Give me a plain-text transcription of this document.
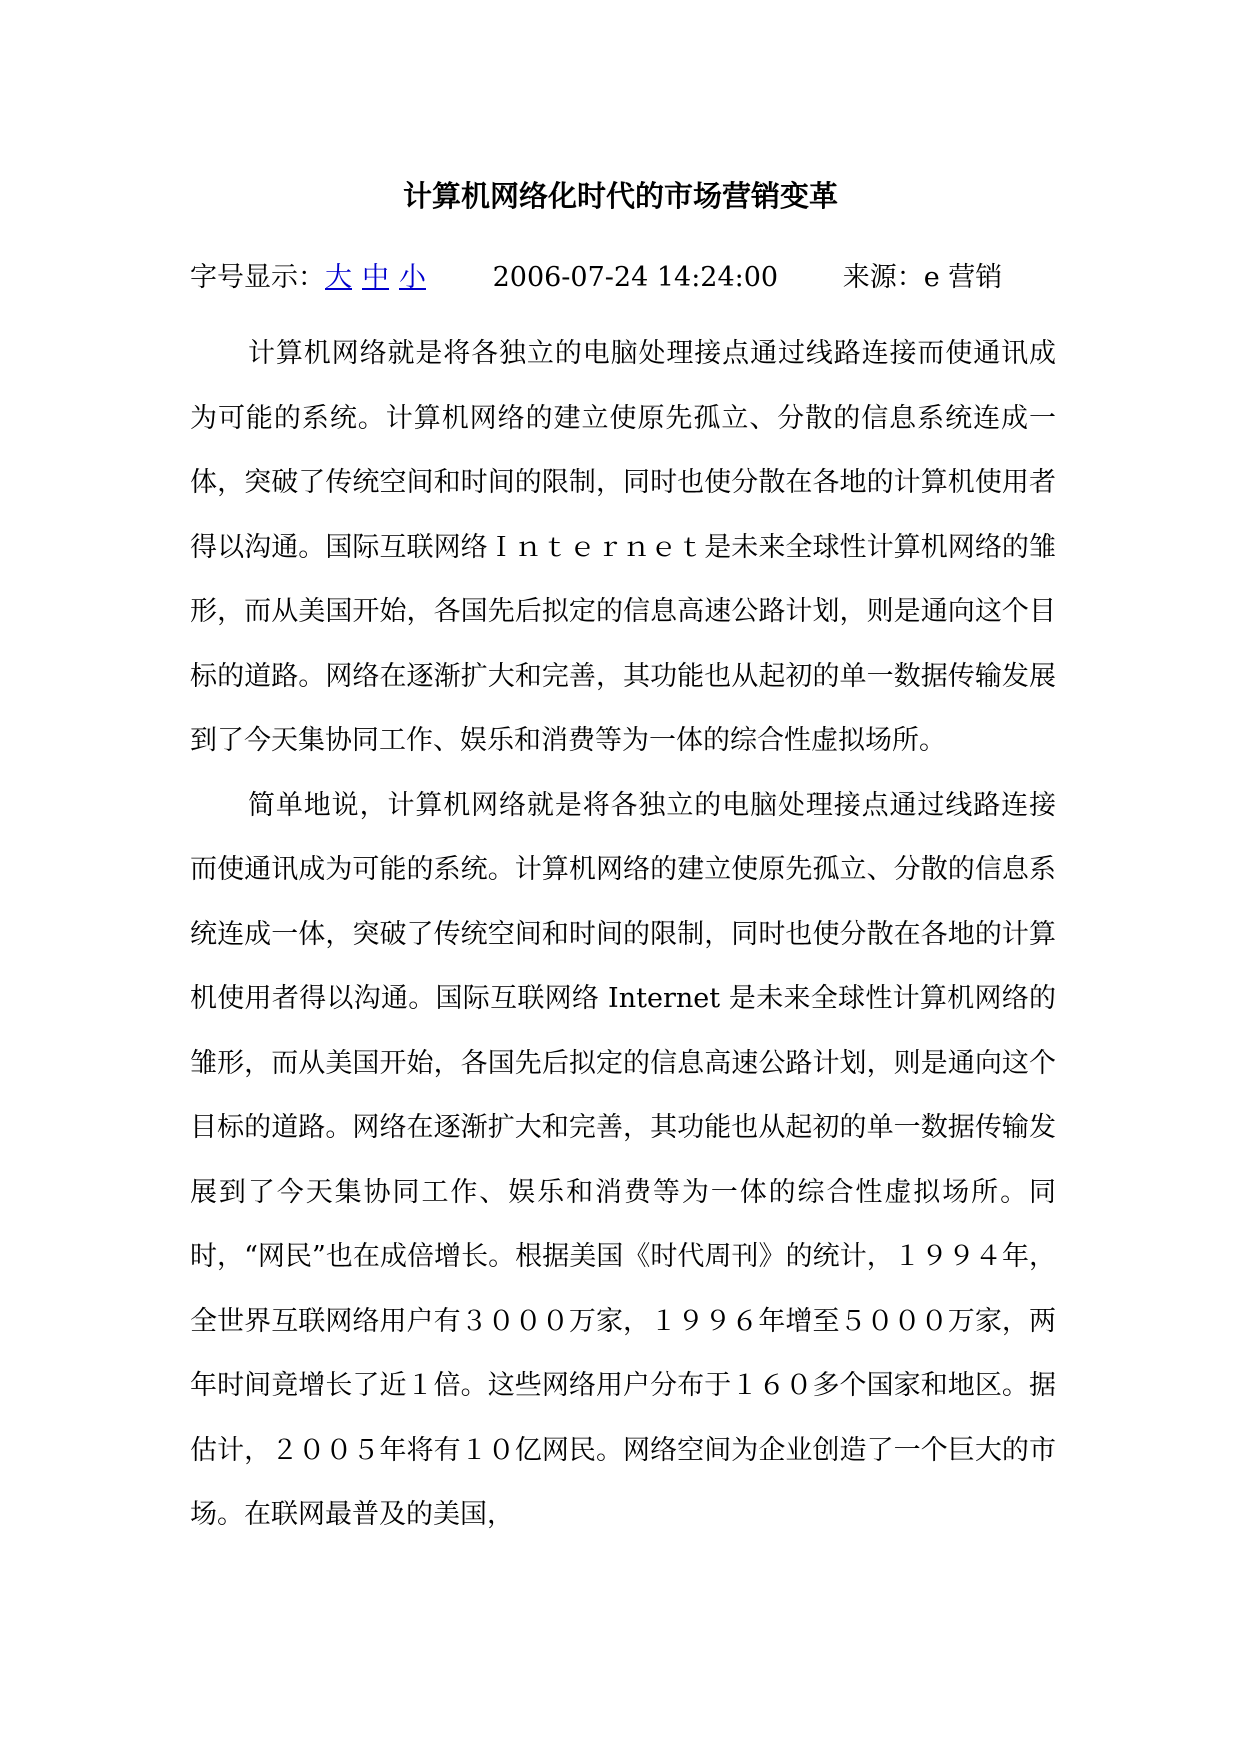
计算机网络化时代的市场营销变革
字号显示：大 中 小 2006-07-24 14:24:00 来源：e 营销

计算机网络就是将各独立的电脑处理接点通过线路连接而使通讯成为可能的系统。计算机网络的建立使原先孤立、分散的信息系统连成一体，突破了传统空间和时间的限制，同时也使分散在各地的计算机使用者得以沟通。国际互联网络Ｉｎｔｅｒｎｅｔ是未来全球性计算机网络的雏形，而从美国开始，各国先后拟定的信息高速公路计划，则是通向这个目标的道路。网络在逐渐扩大和完善，其功能也从起初的单一数据传输发展到了今天集协同工作、娱乐和消费等为一体的综合性虚拟场所。

简单地说，计算机网络就是将各独立的电脑处理接点通过线路连接而使通讯成为可能的系统。计算机网络的建立使原先孤立、分散的信息系统连成一体，突破了传统空间和时间的限制，同时也使分散在各地的计算机使用者得以沟通。国际互联网络 Internet 是未来全球性计算机网络的雏形，而从美国开始，各国先后拟定的信息高速公路计划，则是通向这个目标的道路。网络在逐渐扩大和完善，其功能也从起初的单一数据传输发展到了今天集协同工作、娱乐和消费等为一体的综合性虚拟场所。同时，“网民”也在成倍增长。根据美国《时代周刊》的统计，１９９４年，全世界互联网络用户有３０００万家，１９９６年增至５０００万家，两年时间竟增长了近１倍。这些网络用户分布于１６０多个国家和地区。据估计，２００５年将有１０亿网民。网络空间为企业创造了一个巨大的市场。在联网最普及的美国，
